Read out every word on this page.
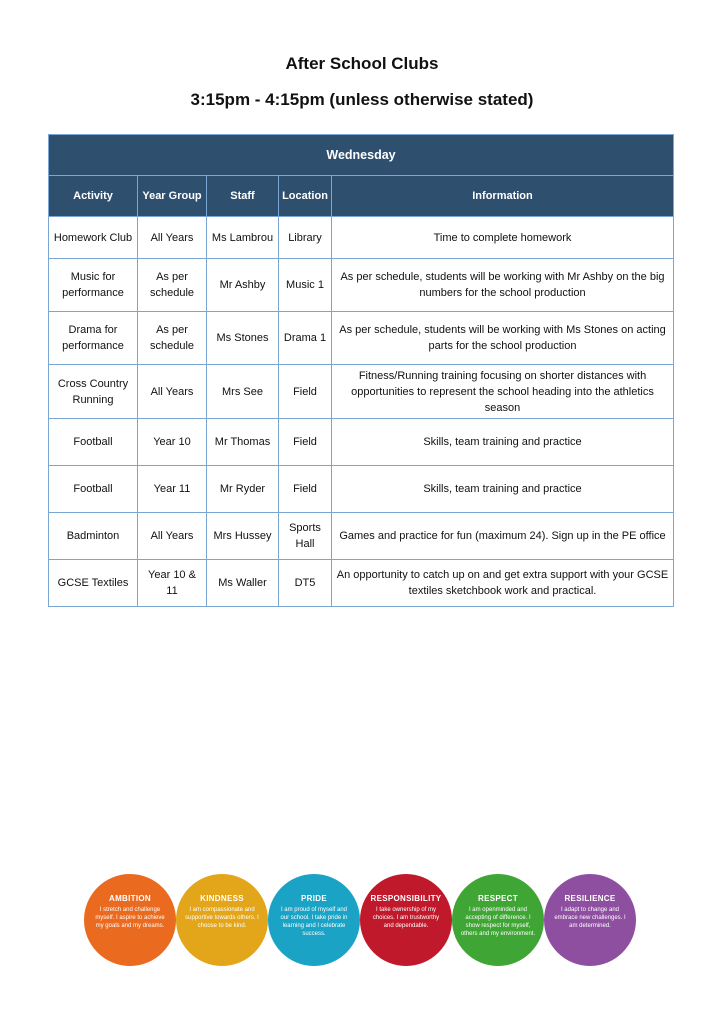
After School Clubs
3:15pm - 4:15pm (unless otherwise stated)
Wednesday				
Activity	Year Group	Staff	Location	Information
Homework Club	All Years	Ms Lambrou	Library	Time to complete homework
Music for performance	As per schedule	Mr Ashby	Music 1	As per schedule, students will be working with Mr Ashby on the big numbers for the school production
Drama for performance	As per schedule	Ms Stones	Drama 1	As per schedule, students will be working with Ms Stones on acting parts for the school production
Cross Country Running	All Years	Mrs See	Field	Fitness/Running training focusing on shorter distances with opportunities to represent the school heading into the athletics season
Football	Year 10	Mr Thomas	Field	Skills, team training and practice
Football	Year 11	Mr Ryder	Field	Skills, team training and practice
Badminton	All Years	Mrs Hussey	Sports Hall	Games and practice for fun (maximum 24). Sign up in the PE office
GCSE Textiles	Year 10 & 11	Ms Waller	DT5	An opportunity to catch up on and get extra support with your GCSE textiles sketchbook work and practical.
AMBITION
I stretch and challenge myself. I aspire to achieve my goals and my dreams.
KINDNESS
I am compassionate and supportive towards others. I choose to be kind.
PRIDE
I am proud of myself and our school. I take pride in learning and I celebrate success.
RESPONSIBILITY
I take ownership of my choices. I am trustworthy and dependable.
RESPECT
I am openminded and accepting of difference. I show respect for myself, others and my environment.
RESILIENCE
I adapt to change and embrace new challenges. I am determined.
